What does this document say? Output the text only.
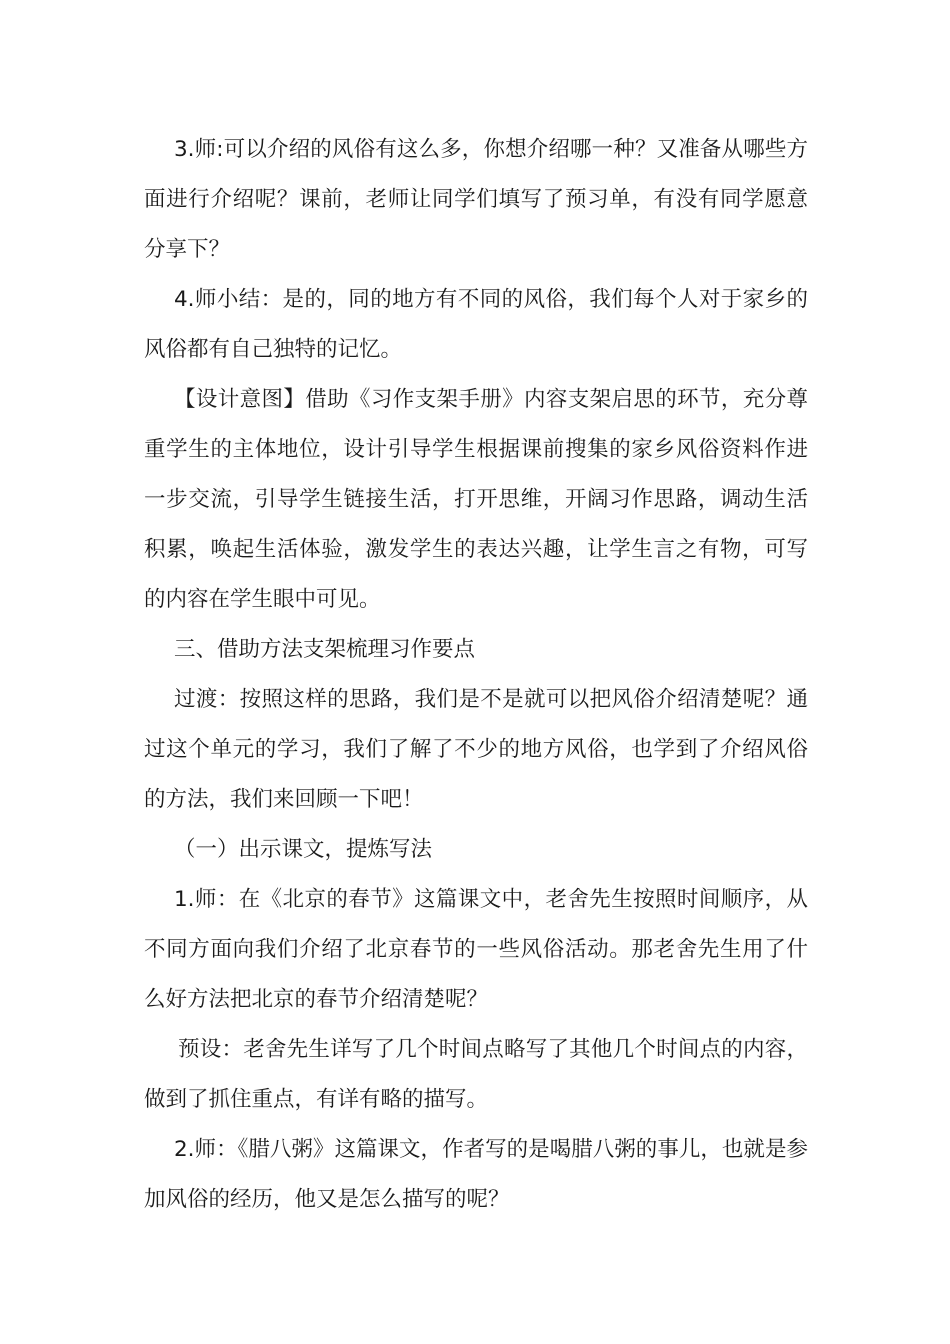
3.师:可以介绍的风俗有这么多，你想介绍哪一种？又准备从哪些方面进行介绍呢？课前，老师让同学们填写了预习单，有没有同学愿意分享下？

4.师小结：是的，同的地方有不同的风俗，我们每个人对于家乡的风俗都有自己独特的记忆。

【设计意图】借助《习作支架手册》内容支架启思的环节，充分尊重学生的主体地位，设计引导学生根据课前搜集的家乡风俗资料作进一步交流，引导学生链接生活，打开思维，开阔习作思路，调动生活积累，唤起生活体验，激发学生的表达兴趣，让学生言之有物，可写的内容在学生眼中可见。

三、借助方法支架梳理习作要点

过渡：按照这样的思路，我们是不是就可以把风俗介绍清楚呢？通过这个单元的学习，我们了解了不少的地方风俗，也学到了介绍风俗的方法，我们来回顾一下吧！

（一）出示课文，提炼写法

1.师：在《北京的春节》这篇课文中，老舍先生按照时间顺序，从不同方面向我们介绍了北京春节的一些风俗活动。那老舍先生用了什么好方法把北京的春节介绍清楚呢？

预设：老舍先生详写了几个时间点略写了其他几个时间点的内容，做到了抓住重点，有详有略的描写。

2.师：《腊八粥》这篇课文，作者写的是喝腊八粥的事儿，也就是参加风俗的经历，他又是怎么描写的呢？
